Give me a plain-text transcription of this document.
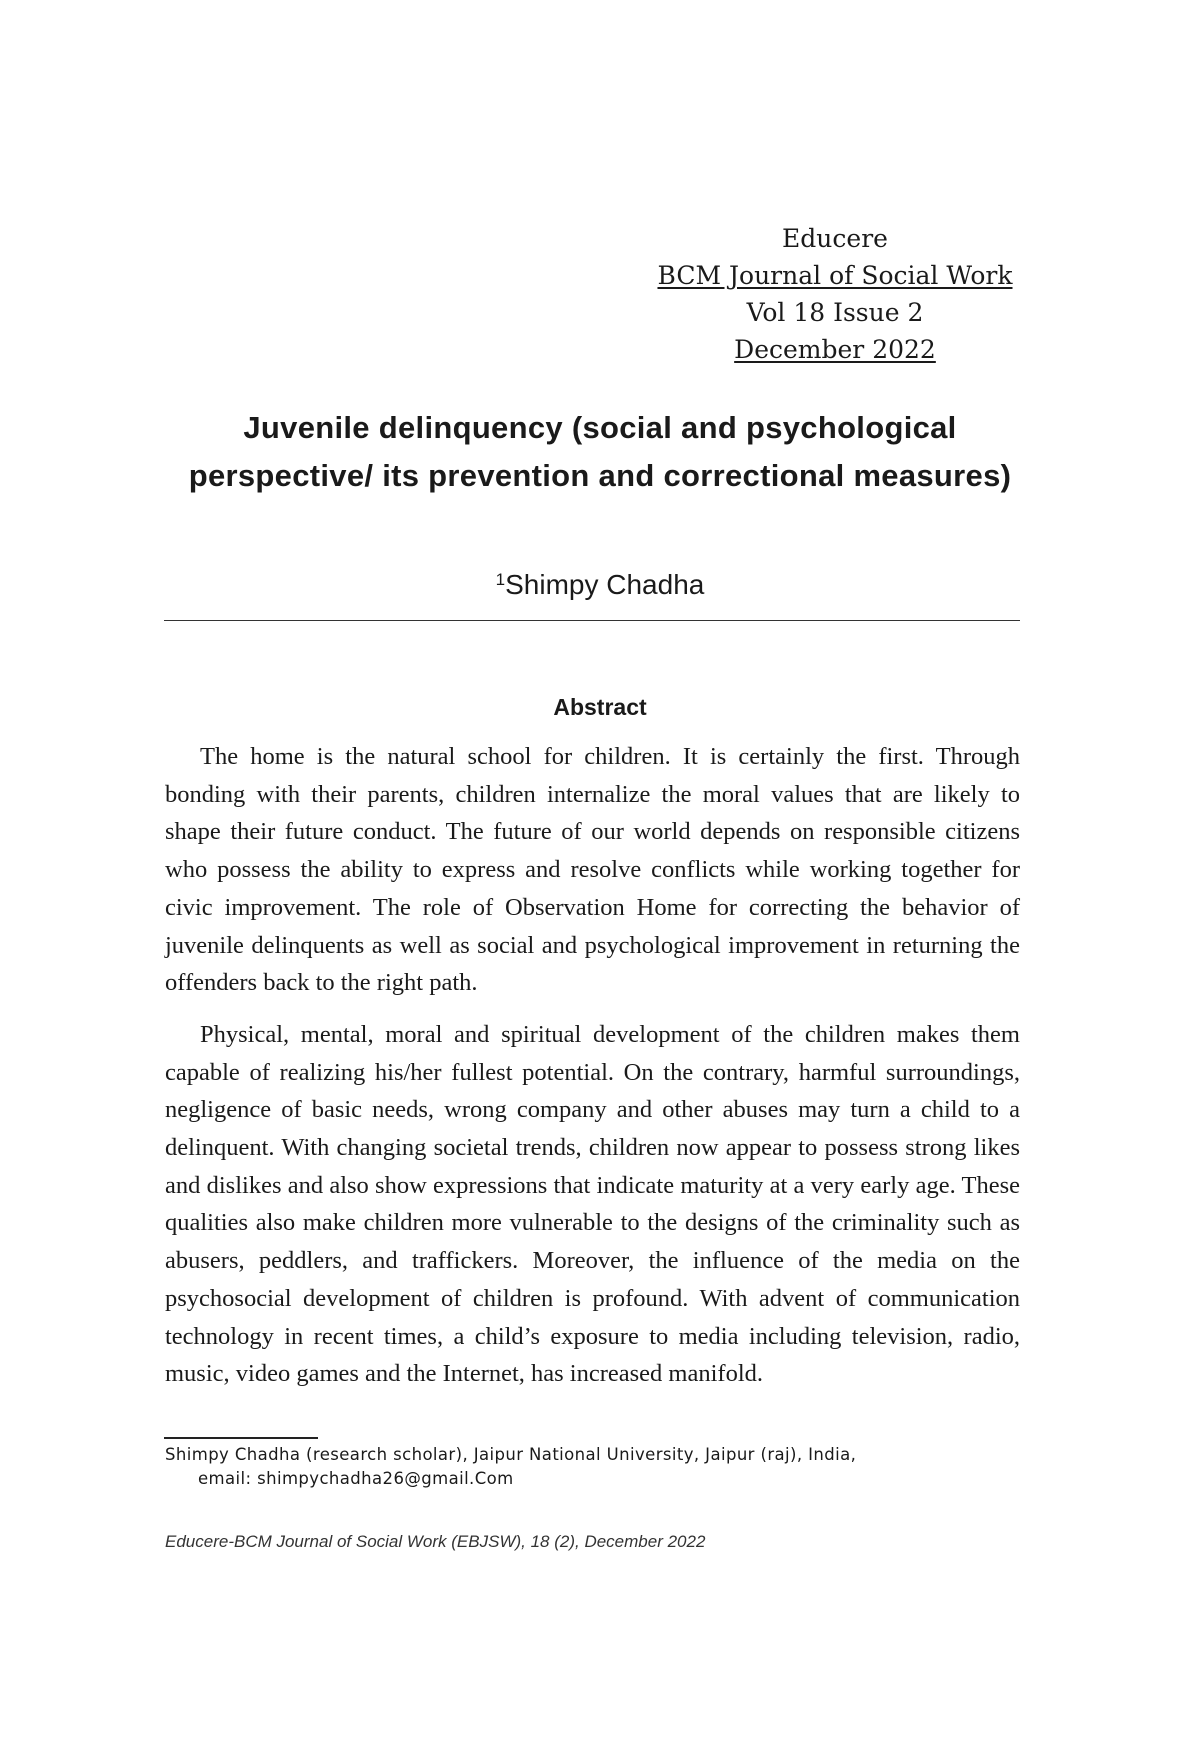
Educere
BCM Journal of Social Work
Vol 18 Issue 2
December 2022
Juvenile delinquency (social and psychological perspective/ its prevention and correctional measures)
$^1$Shimpy Chadha
Abstract

The home is the natural school for children. It is certainly the first. Through bonding with their parents, children internalize the moral values that are likely to shape their future conduct. The future of our world depends on responsible citizens who possess the ability to express and resolve conflicts while working together for civic improvement. The role of Observation Home for correcting the behavior of juvenile delinquents as well as social and psychological improvement in returning the offenders back to the right path.

Physical, mental, moral and spiritual development of the children makes them capable of realizing his/her fullest potential. On the contrary, harmful surroundings, negligence of basic needs, wrong company and other abuses may turn a child to a delinquent. With changing societal trends, children now appear to possess strong likes and dislikes and also show expressions that indicate maturity at a very early age. These qualities also make children more vulnerable to the designs of the criminality such as abusers, peddlers, and traffickers. Moreover, the influence of the media on the psychosocial development of children is profound. With advent of communication technology in recent times, a child’s exposure to media including television, radio, music, video games and the Internet, has increased manifold.

Shimpy Chadha (research scholar), Jaipur National University, Jaipur (raj), India,
email: shimpychadha26@gmail.Com
Educere-BCM Journal of Social Work (EBJSW), 18 (2), December 2022
